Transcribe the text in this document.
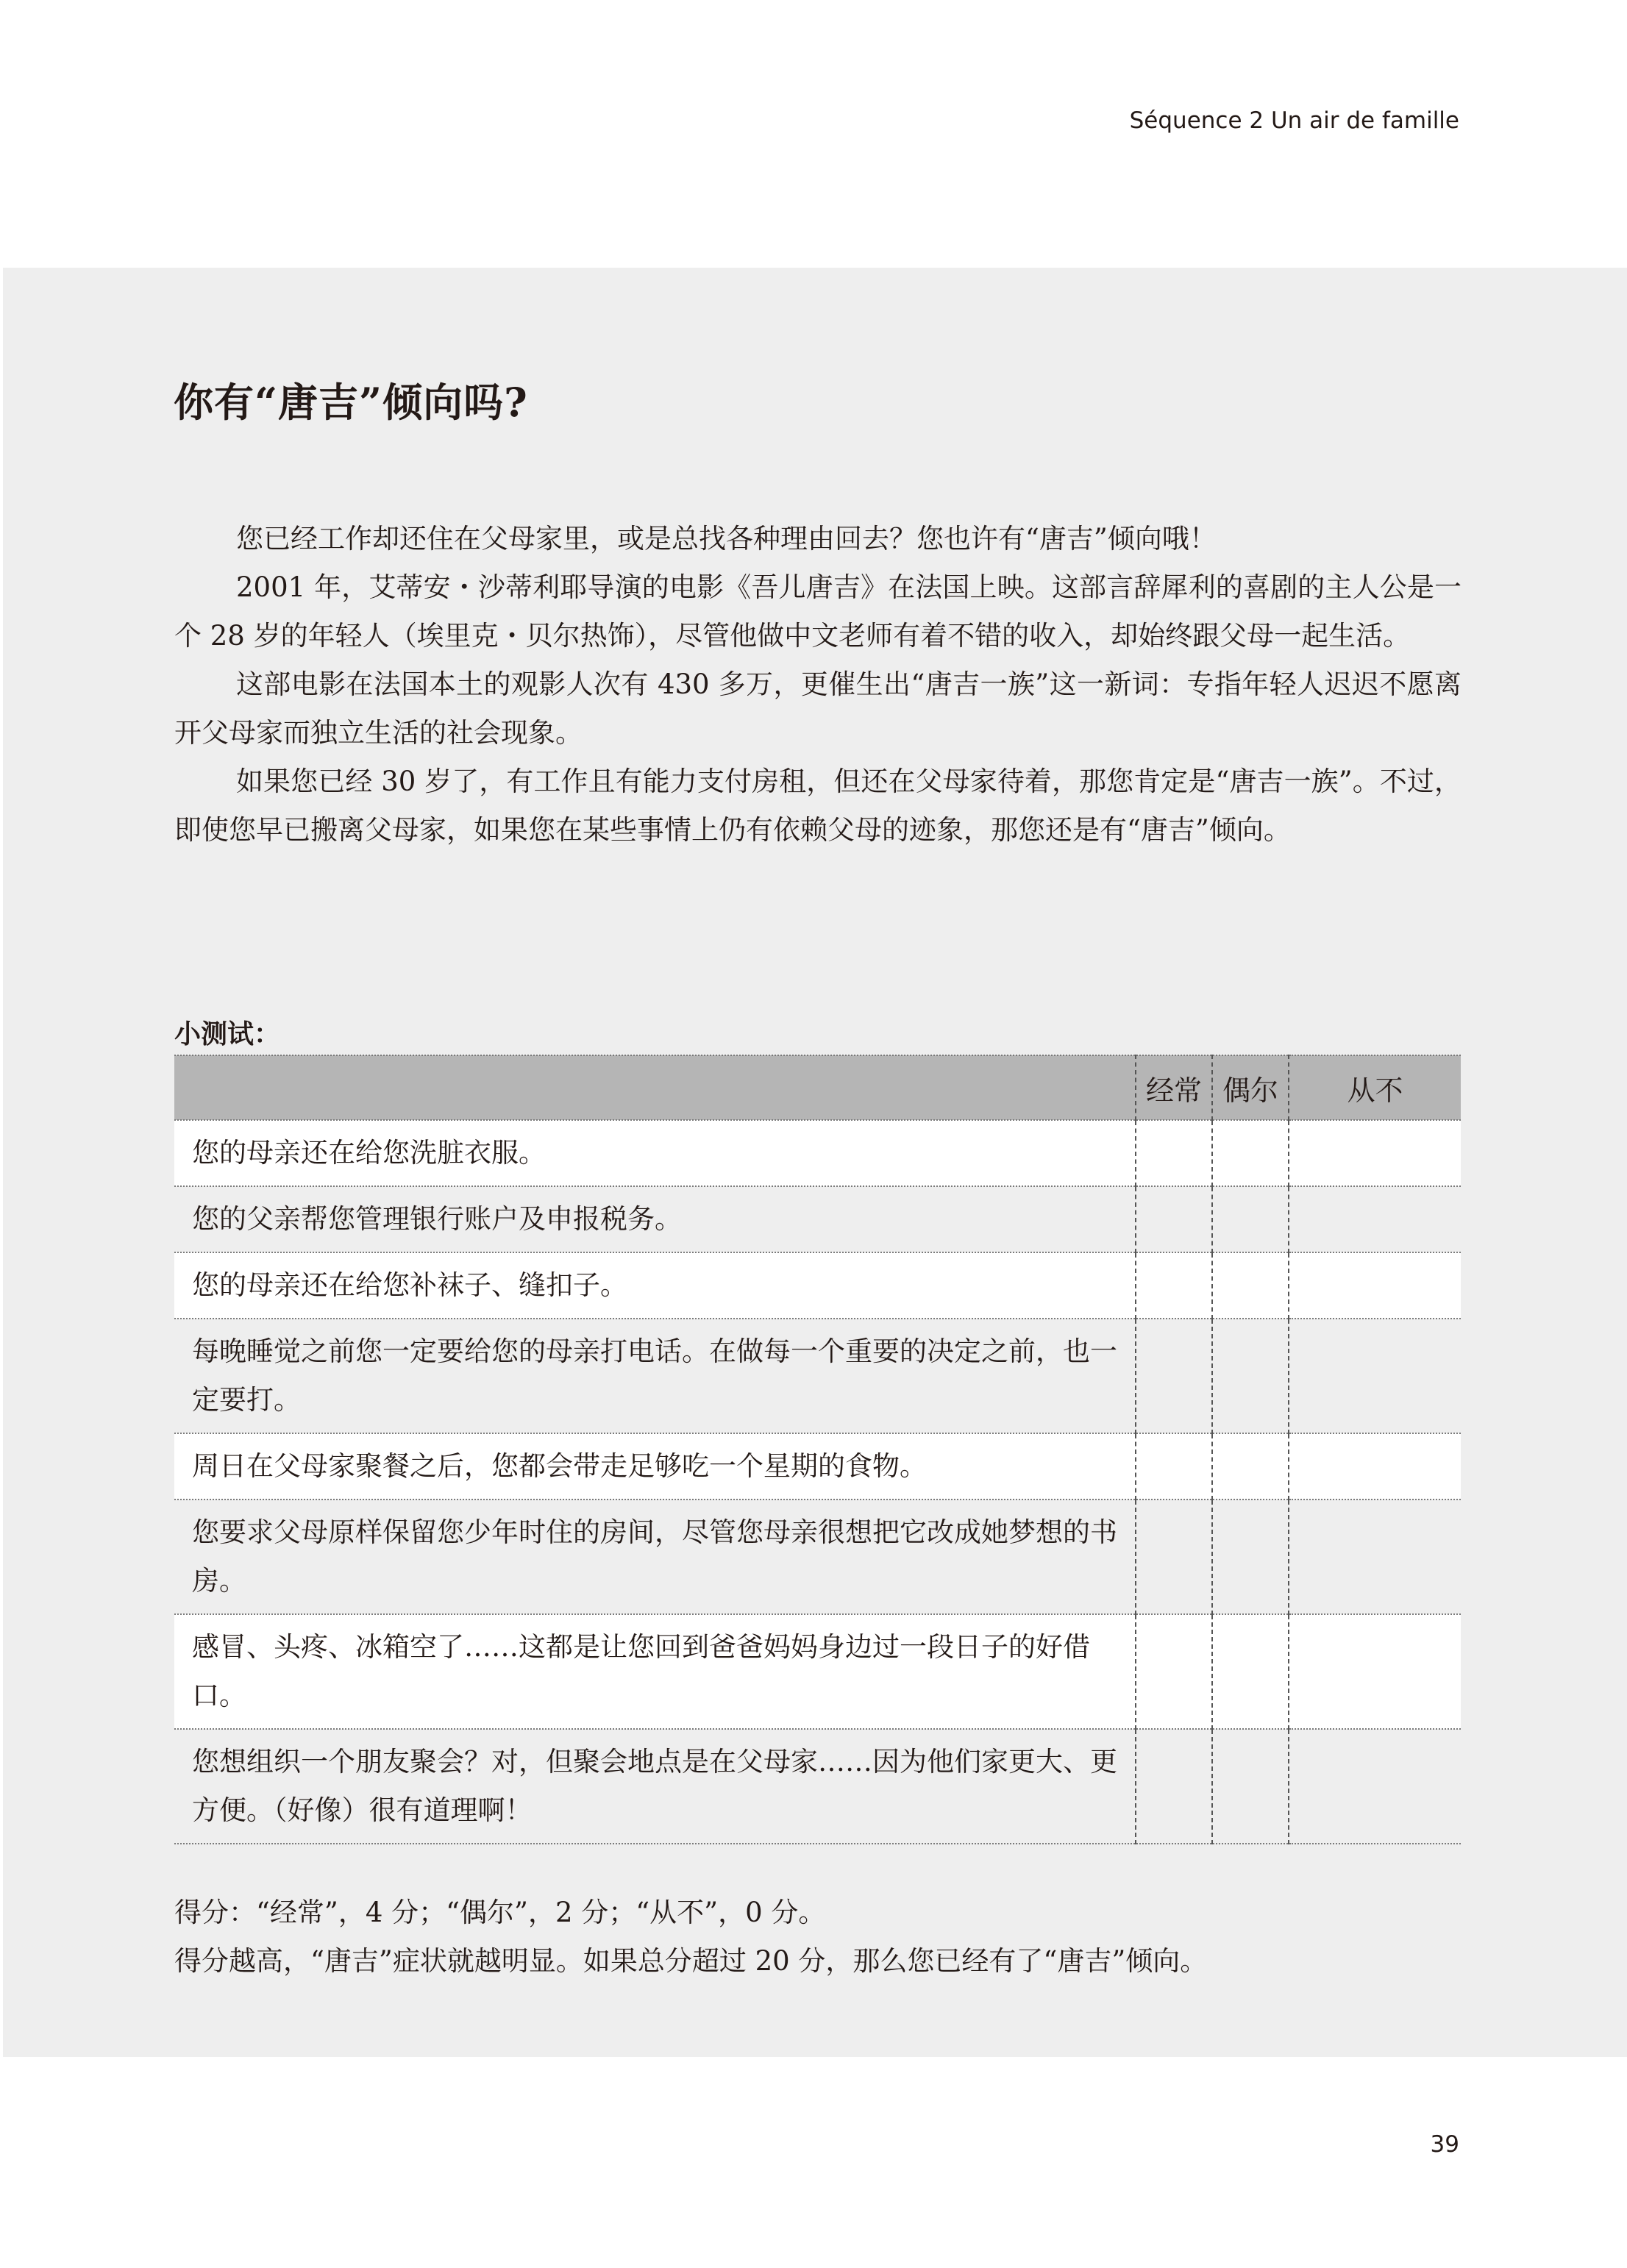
Séquence 2 Un air de famille
你有“唐吉”倾向吗?

您已经工作却还住在父母家里，或是总找各种理由回去？您也许有“唐吉”倾向哦！

2001 年，艾蒂安・沙蒂利耶导演的电影《吾儿唐吉》在法国上映。这部言辞犀利的喜剧的主人公是一个 28 岁的年轻人（埃里克・贝尔热饰），尽管他做中文老师有着不错的收入，却始终跟父母一起生活。

这部电影在法国本土的观影人次有 430 多万，更催生出“唐吉一族”这一新词：专指年轻人迟迟不愿离开父母家而独立生活的社会现象。

如果您已经 30 岁了，有工作且有能力支付房租，但还在父母家待着，那您肯定是“唐吉一族”。不过，即使您早已搬离父母家，如果您在某些事情上仍有依赖父母的迹象，那您还是有“唐吉”倾向。

小测试：
	经常	偶尔	从不
您的母亲还在给您洗脏衣服。			
您的父亲帮您管理银行账户及申报税务。			
您的母亲还在给您补袜子、缝扣子。			
每晚睡觉之前您一定要给您的母亲打电话。在做每一个重要的决定之前，也一定要打。			
周日在父母家聚餐之后，您都会带走足够吃一个星期的食物。			
您要求父母原样保留您少年时住的房间，尽管您母亲很想把它改成她梦想的书房。			
感冒、头疼、冰箱空了……这都是让您回到爸爸妈妈身边过一段日子的好借口。			
您想组织一个朋友聚会？对，但聚会地点是在父母家……因为他们家更大、更方便。（好像）很有道理啊！			

得分：“经常”，4 分；“偶尔”，2 分；“从不”，0 分。

得分越高，“唐吉”症状就越明显。如果总分超过 20 分，那么您已经有了“唐吉”倾向。

39
